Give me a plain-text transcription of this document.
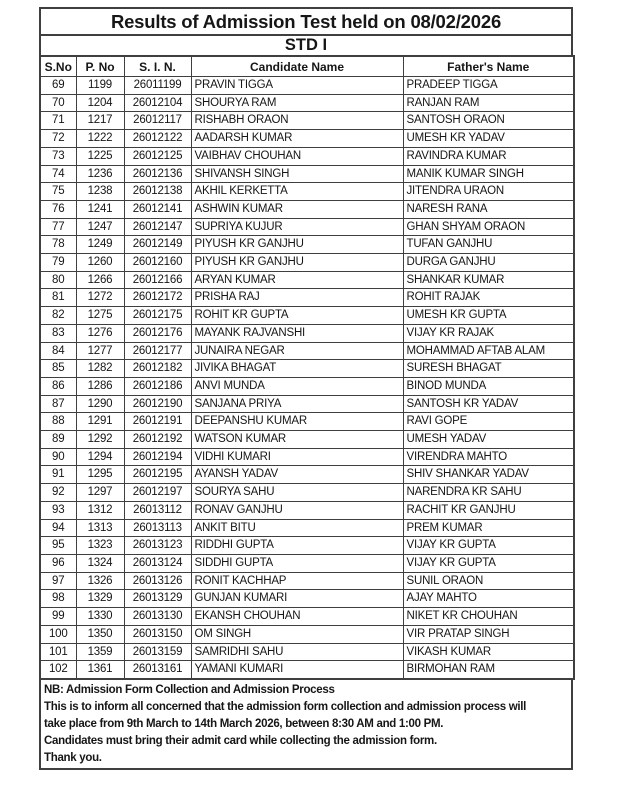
Results of Admission Test held on 08/02/2026
STD I
S.No	P. No	S. I. N.	Candidate Name	Father's Name
69	1199	26011199	PRAVIN TIGGA	PRADEEP TIGGA
70	1204	26012104	SHOURYA RAM	RANJAN RAM
71	1217	26012117	RISHABH ORAON	SANTOSH ORAON
72	1222	26012122	AADARSH KUMAR	UMESH KR YADAV
73	1225	26012125	VAIBHAV CHOUHAN	RAVINDRA KUMAR
74	1236	26012136	SHIVANSH SINGH	MANIK KUMAR SINGH
75	1238	26012138	AKHIL KERKETTA	JITENDRA URAON
76	1241	26012141	ASHWIN KUMAR	NARESH RANA
77	1247	26012147	SUPRIYA KUJUR	GHAN SHYAM ORAON
78	1249	26012149	PIYUSH KR GANJHU	TUFAN GANJHU
79	1260	26012160	PIYUSH KR GANJHU	DURGA GANJHU
80	1266	26012166	ARYAN KUMAR	SHANKAR KUMAR
81	1272	26012172	PRISHA RAJ	ROHIT RAJAK
82	1275	26012175	ROHIT KR GUPTA	UMESH KR GUPTA
83	1276	26012176	MAYANK RAJVANSHI	VIJAY KR RAJAK
84	1277	26012177	JUNAIRA NEGAR	MOHAMMAD AFTAB ALAM
85	1282	26012182	JIVIKA BHAGAT	SURESH BHAGAT
86	1286	26012186	ANVI MUNDA	BINOD MUNDA
87	1290	26012190	SANJANA PRIYA	SANTOSH KR YADAV
88	1291	26012191	DEEPANSHU KUMAR	RAVI GOPE
89	1292	26012192	WATSON KUMAR	UMESH YADAV
90	1294	26012194	VIDHI KUMARI	VIRENDRA MAHTO
91	1295	26012195	AYANSH YADAV	SHIV SHANKAR YADAV
92	1297	26012197	SOURYA SAHU	NARENDRA KR SAHU
93	1312	26013112	RONAV GANJHU	RACHIT KR GANJHU
94	1313	26013113	ANKIT BITU	PREM KUMAR
95	1323	26013123	RIDDHI GUPTA	VIJAY KR GUPTA
96	1324	26013124	SIDDHI GUPTA	VIJAY KR GUPTA
97	1326	26013126	RONIT KACHHAP	SUNIL ORAON
98	1329	26013129	GUNJAN KUMARI	AJAY MAHTO
99	1330	26013130	EKANSH CHOUHAN	NIKET KR CHOUHAN
100	1350	26013150	OM SINGH	VIR PRATAP SINGH
101	1359	26013159	SAMRIDHI SAHU	VIKASH KUMAR
102	1361	26013161	YAMANI KUMARI	BIRMOHAN RAM
NB: Admission Form Collection and Admission Process
This is to inform all concerned that the admission form collection and admission process will
take place from 9th March to 14th March 2026, between 8:30 AM and 1:00 PM.
Candidates must bring their admit card while collecting the admission form.
Thank you.
